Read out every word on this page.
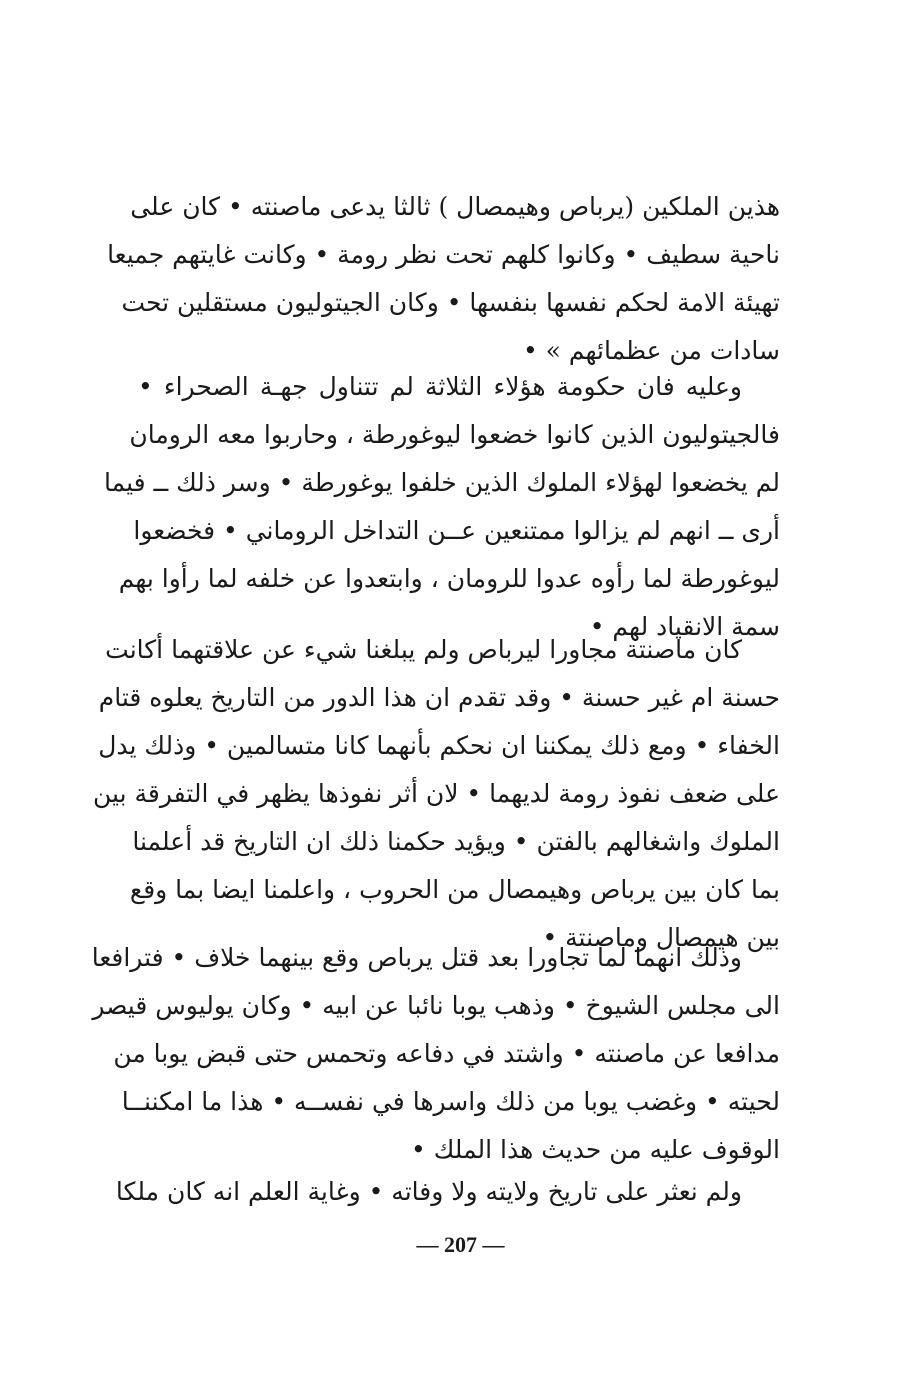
هذين الملكين (يرباص وهيمصال ) ثالثا يدعى ماصنته • كان على
ناحية سطيف • وكانوا كلهم تحت نظر رومة • وكانت غايتهم جميعا
تهيئة الامة لحكم نفسها بنفسها • وكان الجيتوليون مستقلين تحت
سادات من عظمائهم » •
وعليه فان حكومة هؤلاء الثلاثة لم تتناول جهـة الصحراء •
فالجيتوليون الذين كانوا خضعوا ليوغورطة ، وحاربوا معه الرومان
لم يخضعوا لهؤلاء الملوك الذين خلفوا يوغورطة • وسر ذلك ــ فيما
أرى ــ انهم لم يزالوا ممتنعين عــن التداخل الروماني • فخضعوا
ليوغورطة لما رأوه عدوا للرومان ، وابتعدوا عن خلفه لما رأوا بهم
سمة الانقياد لهم •
كان ماصنتة مجاورا ليرباص ولم يبلغنا شيء عن علاقتهما أكانت
حسنة ام غير حسنة • وقد تقدم ان هذا الدور من التاريخ يعلوه قتام
الخفاء • ومع ذلك يمكننا ان نحكم بأنهما كانا متسالمين • وذلك يدل
على ضعف نفوذ رومة لديهما • لان أثر نفوذها يظهر في التفرقة بين
الملوك واشغالهم بالفتن • ويؤيد حكمنا ذلك ان التاريخ قد أعلمنا
بما كان بين يرباص وهيمصال من الحروب ، واعلمنا ايضا بما وقع
بين هيمصال وماصنتة •
وذلك انهما لما تجاورا بعد قتل يرباص وقع بينهما خلاف • فترافعا
الى مجلس الشيوخ • وذهب يوبا نائبا عن ابيه • وكان يوليوس قيصر
مدافعا عن ماصنته • واشتد في دفاعه وتحمس حتى قبض يوبا من
لحيته • وغضب يوبا من ذلك واسرها في نفســه • هذا ما امكننــا
الوقوف عليه من حديث هذا الملك •
ولم نعثر على تاريخ ولايته ولا وفاته • وغاية العلم انه كان ملكا
— 207 —
